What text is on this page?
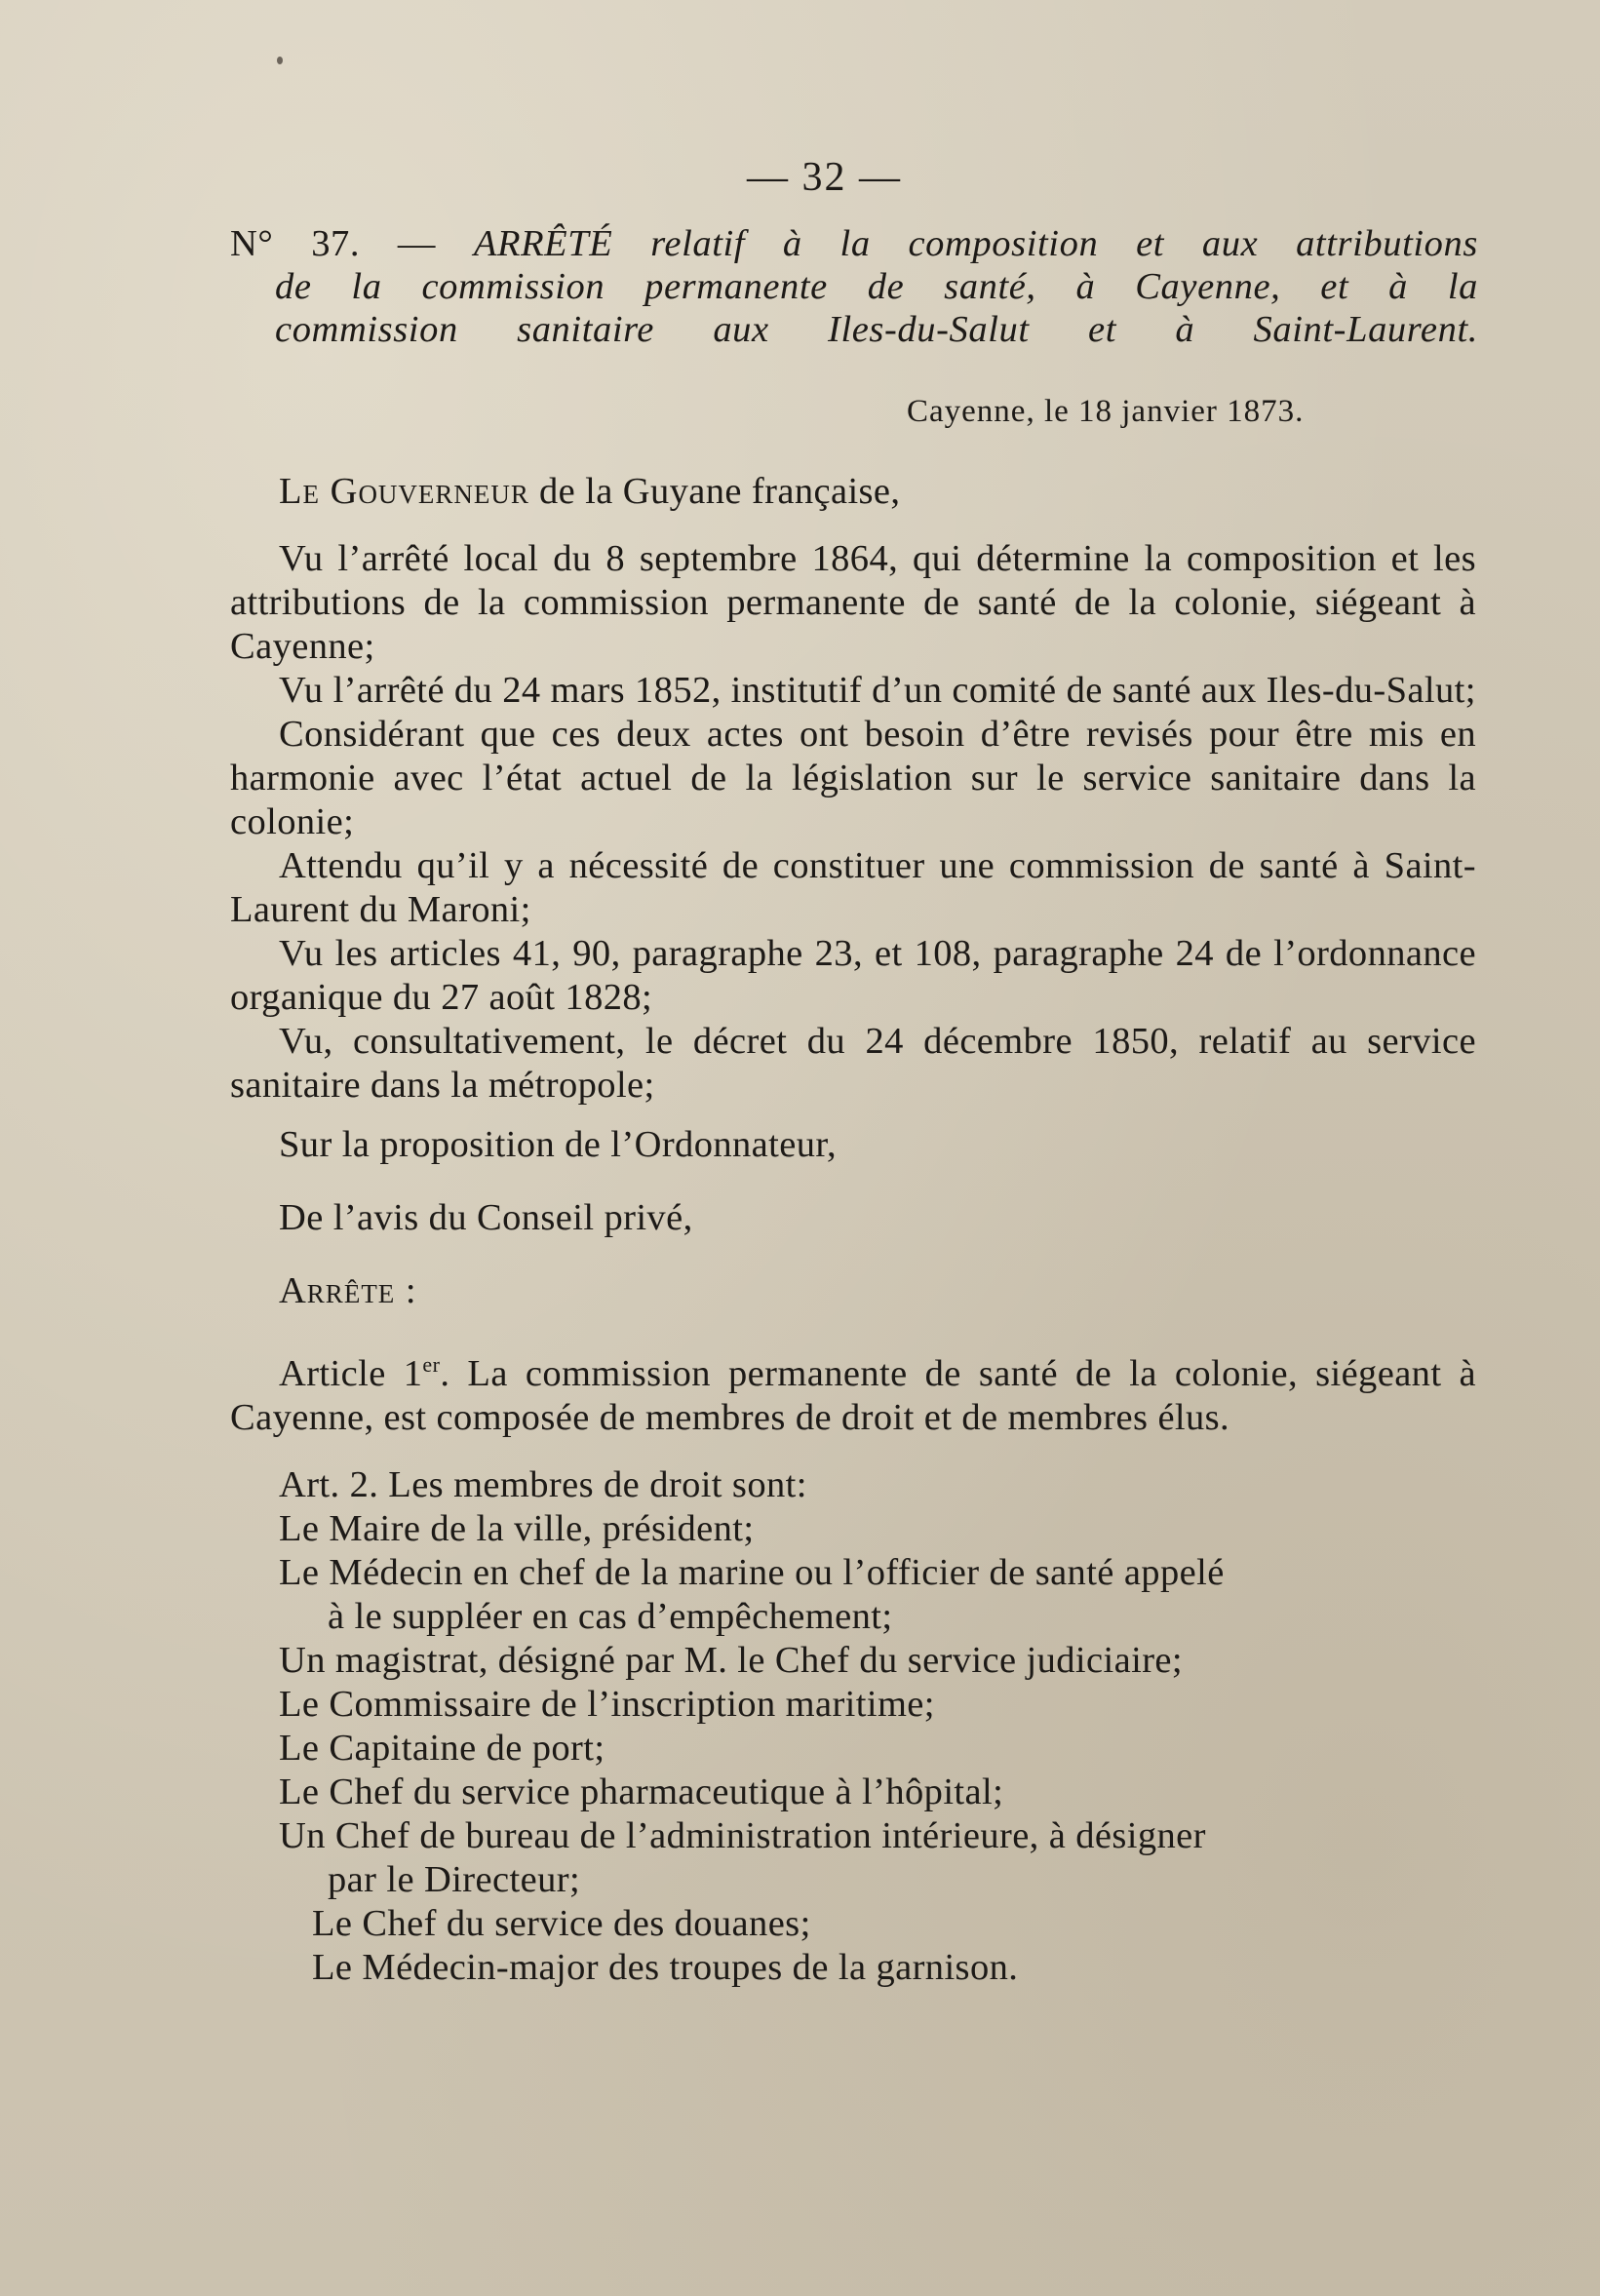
— 32 —
N° 37. — ARRÊTÉ relatif à la composition et aux attributions
de la commission permanente de santé, à Cayenne, et à la
commission sanitaire aux Iles-du-Salut et à Saint-Laurent.
Cayenne, le 18 janvier 1873.

Le Gouverneur de la Guyane française,

Vu l’arrêté local du 8 septembre 1864, qui détermine la composition et les attributions de la commission permanente de santé de la colonie, siégeant à Cayenne;

Vu l’arrêté du 24 mars 1852, institutif d’un comité de santé aux Iles-du-Salut;

Considérant que ces deux actes ont besoin d’être revisés pour être mis en harmonie avec l’état actuel de la législation sur le service sanitaire dans la colonie;

Attendu qu’il y a nécessité de constituer une commission de santé à Saint-Laurent du Maroni;

Vu les articles 41, 90, paragraphe 23, et 108, paragraphe 24 de l’ordonnance organique du 27 août 1828;

Vu, consultativement, le décret du 24 décembre 1850, relatif au service sanitaire dans la métropole;

Sur la proposition de l’Ordonnateur,

De l’avis du Conseil privé,

Arrête :

Article 1er. La commission permanente de santé de la colonie, siégeant à Cayenne, est composée de membres de droit et de membres élus.

Art. 2. Les membres de droit sont:

Le Maire de la ville, président;
Le Médecin en chef de la marine ou l’officier de santé appelé
à le suppléer en cas d’empêchement;
Un magistrat, désigné par M. le Chef du service judiciaire;
Le Commissaire de l’inscription maritime;
Le Capitaine de port;
Le Chef du service pharmaceutique à l’hôpital;
Un Chef de bureau de l’administration intérieure, à désigner
par le Directeur;
Le Chef du service des douanes;
Le Médecin-major des troupes de la garnison.
